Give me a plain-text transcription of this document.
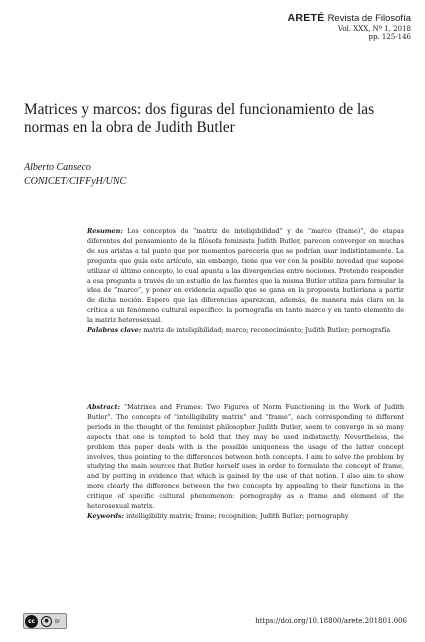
ARETÉ Revista de Filosofía
Vol. XXX, Nº 1, 2018
pp. 125-146
Matrices y marcos: dos figuras del funcionamiento de las normas en la obra de Judith Butler
Alberto Canseco
CONICET/CIFFyH/UNC

Resumen: Los conceptos de “matriz de inteligibilidad” y de “marco (frame)”, de etapas diferentes del pensamiento de la filósofa feminista Judith Butler, parecen converger en muchas de sus aristas a tal punto que por momentos parecería que se podrían usar indistintamente. La pregunta que guía este artículo, sin embargo, tiene que ver con la posible novedad que supone utilizar el último concepto, lo cual apunta a las divergencias entre nociones. Pretendo responder a esa pregunta a través de un estudio de las fuentes que la misma Butler utiliza para formular la idea de “marco”, y poner en evidencia aquello que se gana en la propuesta butleriana a partir de dicha noción. Espero que las diferencias aparezcan, además, de manera más clara en la crítica a un fenómeno cultural específico: la pornografía en tanto marco y en tanto elemento de la matriz heterosexual.

Palabras clave: matriz de inteligibilidad; marco; reconocimiento; Judith Butler; pornografía

Abstract: “Matrixes and Frames: Two Figures of Norm Functioning in the Work of Judith Butler”. The concepts of “intelligibility matrix” and “frame”, each corresponding to different periods in the thought of the feminist philosopher Judith Butler, seem to converge in so many aspects that one is tempted to hold that they may be used indistinctly. Nevertheless, the problem this paper deals with is the possible uniqueness the usage of the latter concept involves, thus pointing to the differences between both concepts. I aim to solve the problem by studying the main sources that Butler herself uses in order to formulate the concept of frame, and by putting in evidence that which is gained by the use of that notion. I also aim to show more clearly the difference between the two concepts by appealing to their functions in the critique of specific cultural phenomenon: pornography as a frame and element of the heterosexual matrix.

Keywords: intelligibility matrix; frame; recognition; Judith Butler; pornography

cc	●	BY	https://doi.org/10.18800/arete.201801.006
